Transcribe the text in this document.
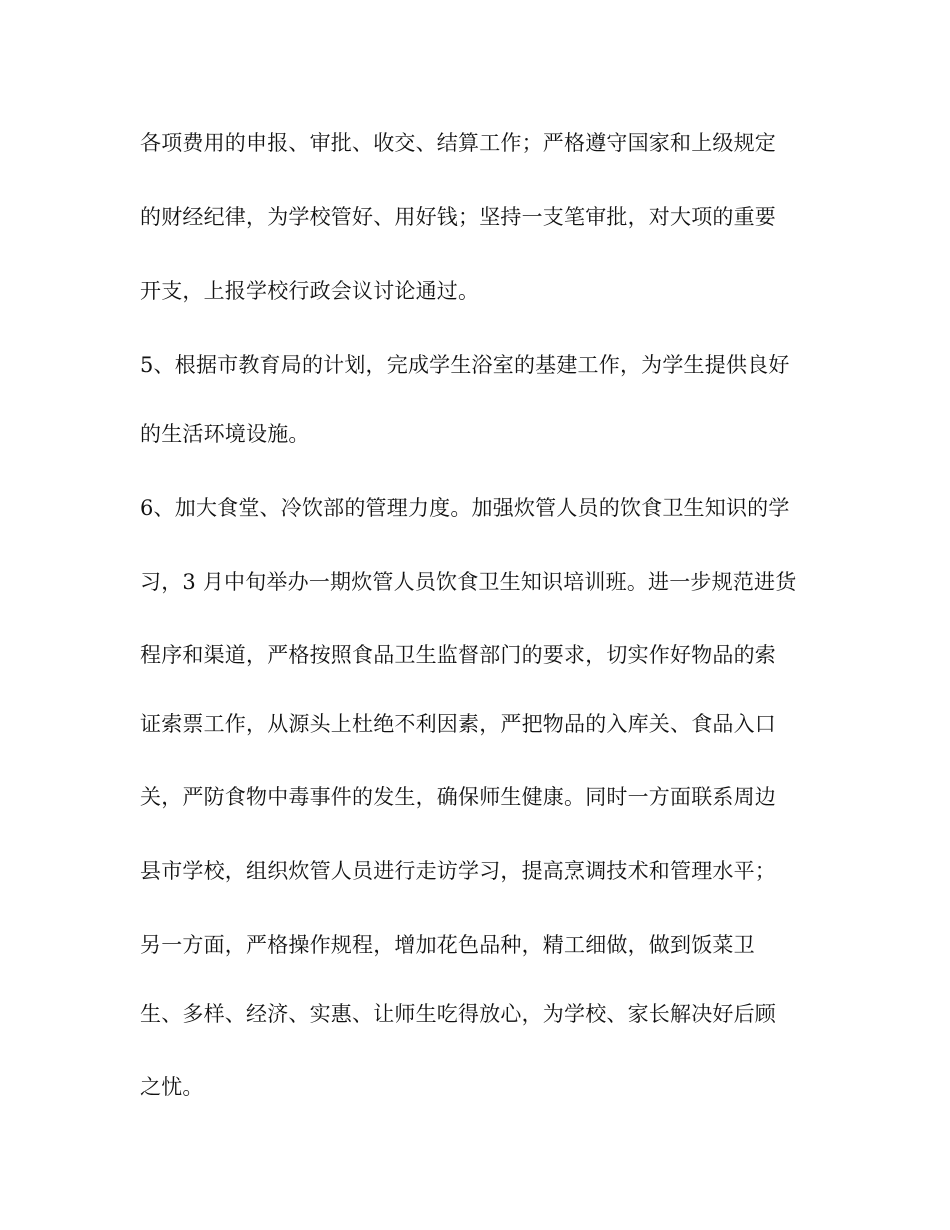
各项费用的申报、审批、收交、结算工作；严格遵守国家和上级规定
的财经纪律，为学校管好、用好钱；坚持一支笔审批，对大项的重要
开支，上报学校行政会议讨论通过。
5、根据市教育局的计划，完成学生浴室的基建工作，为学生提供良好
的生活环境设施。
6、加大食堂、冷饮部的管理力度。加强炊管人员的饮食卫生知识的学
习，3 月中旬举办一期炊管人员饮食卫生知识培训班。进一步规范进货
程序和渠道，严格按照食品卫生监督部门的要求，切实作好物品的索
证索票工作，从源头上杜绝不利因素，严把物品的入库关、食品入口
关，严防食物中毒事件的发生，确保师生健康。同时一方面联系周边
县市学校，组织炊管人员进行走访学习，提高烹调技术和管理水平；
另一方面，严格操作规程，增加花色品种，精工细做，做到饭菜卫
生、多样、经济、实惠、让师生吃得放心，为学校、家长解决好后顾
之忧。
